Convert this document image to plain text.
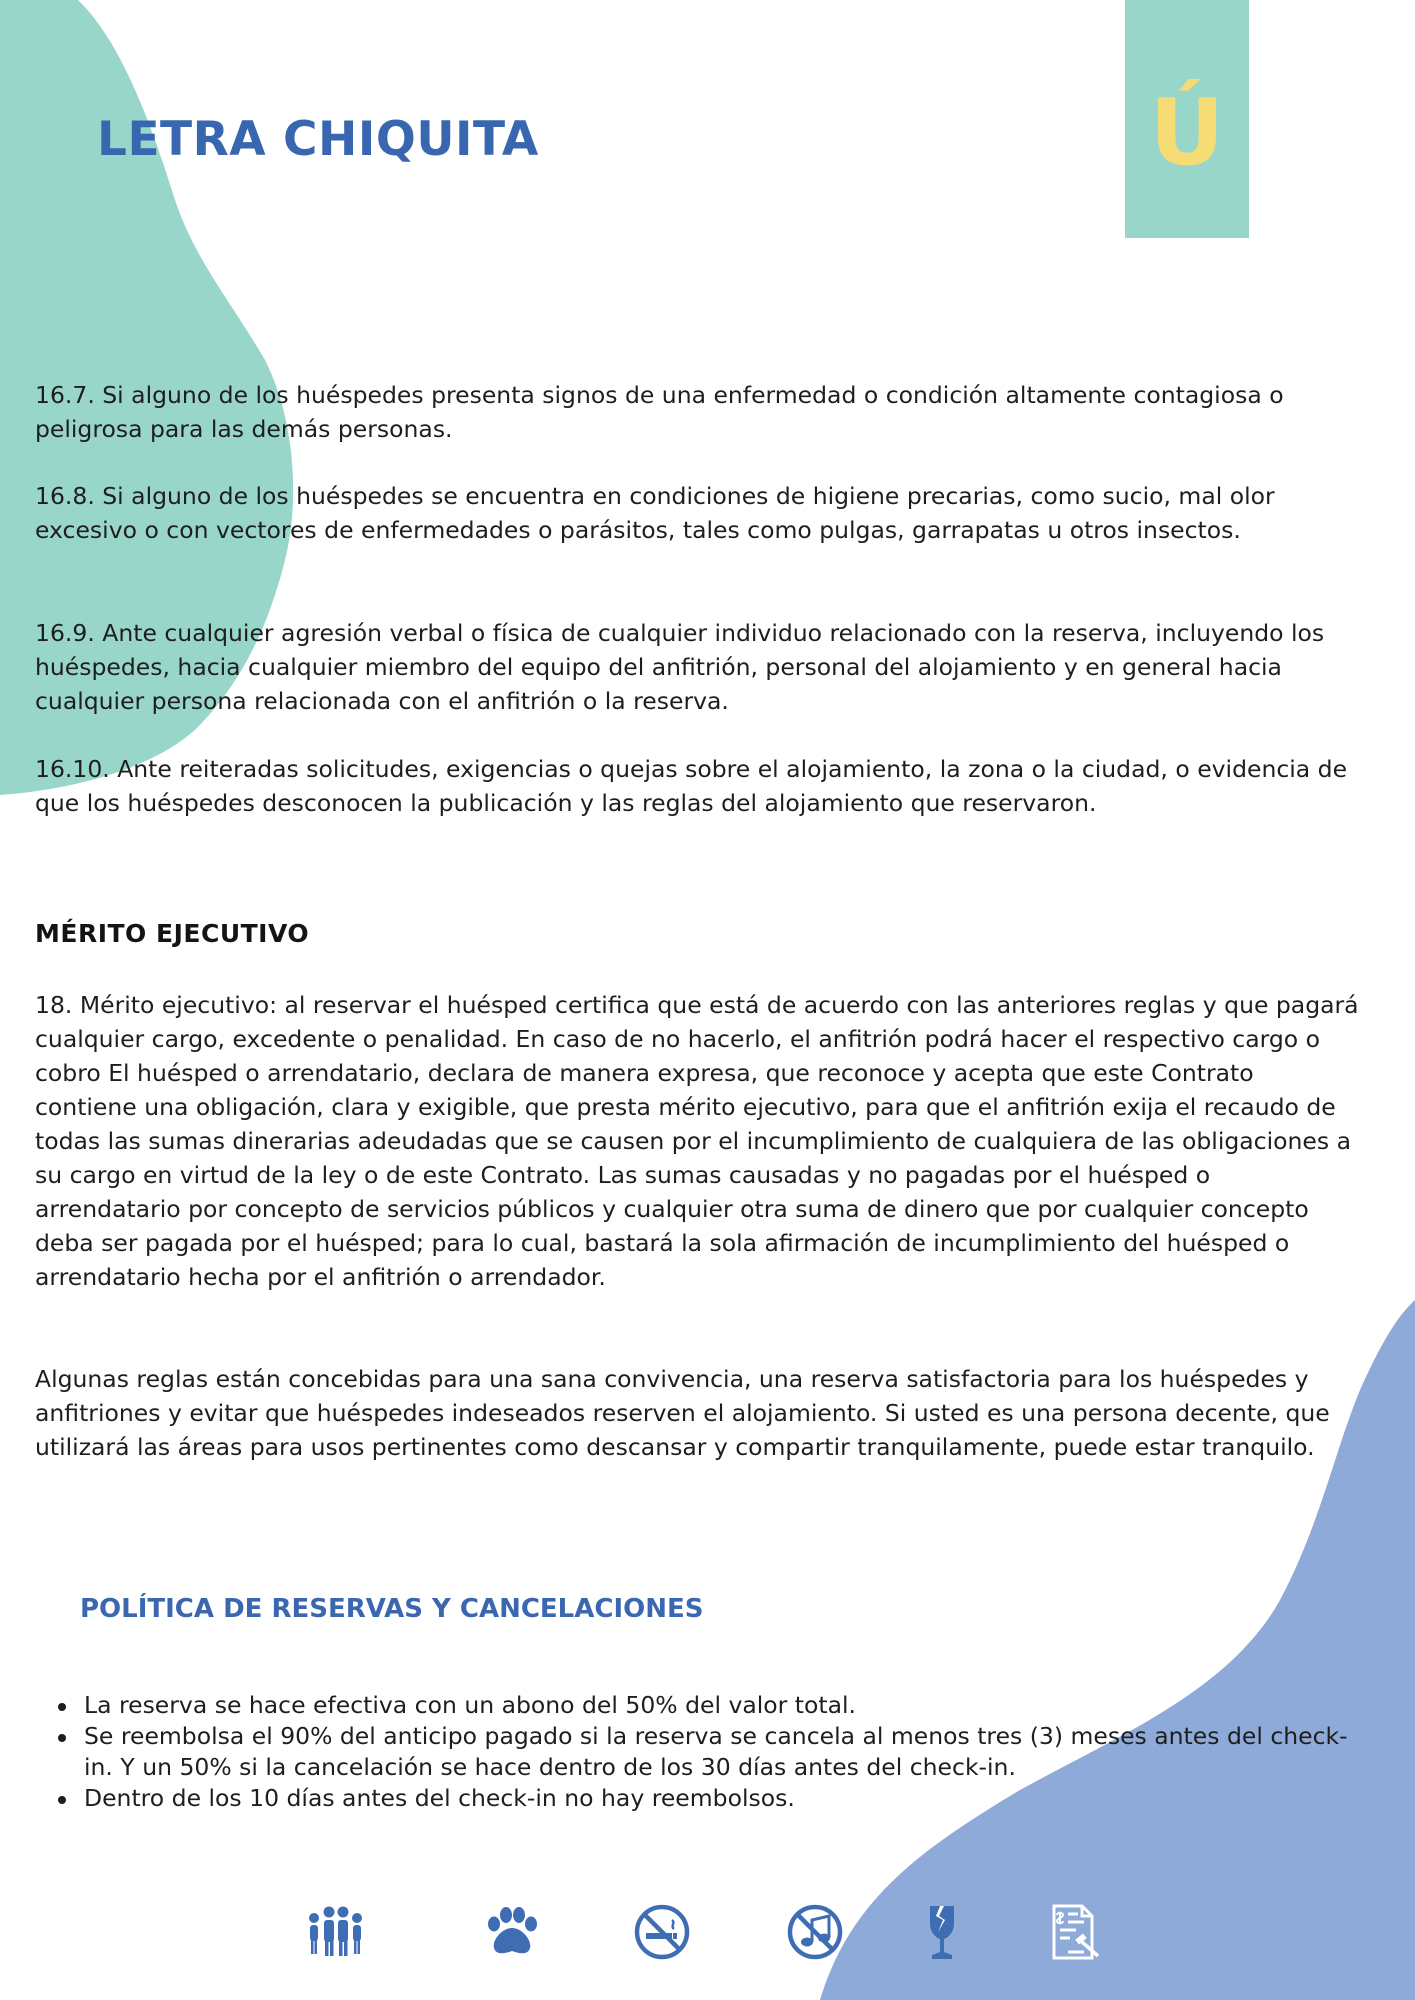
LETRA CHIQUITA	Ú

16.7. Si alguno de los huéspedes presenta signos de una enfermedad o condición altamente contagiosa o peligrosa para las demás personas.

16.8. Si alguno de los huéspedes se encuentra en condiciones de higiene precarias, como sucio, mal olor excesivo o con vectores de enfermedades o parásitos, tales como pulgas, garrapatas u otros insectos.

16.9. Ante cualquier agresión verbal o física de cualquier individuo relacionado con la reserva, incluyendo los huéspedes, hacia cualquier miembro del equipo del anfitrión, personal del alojamiento y en general hacia cualquier persona relacionada con el anfitrión o la reserva.

16.10. Ante reiteradas solicitudes, exigencias o quejas sobre el alojamiento, la zona o la ciudad, o evidencia de que los huéspedes desconocen la publicación y las reglas del alojamiento que reservaron.

MÉRITO EJECUTIVO

18. Mérito ejecutivo: al reservar el huésped certifica que está de acuerdo con las anteriores reglas y que pagará cualquier cargo, excedente o penalidad. En caso de no hacerlo, el anfitrión podrá hacer el respectivo cargo o cobro El huésped o arrendatario, declara de manera expresa, que reconoce y acepta que este Contrato contiene una obligación, clara y exigible, que presta mérito ejecutivo, para que el anfitrión exija el recaudo de todas las sumas dinerarias adeudadas que se causen por el incumplimiento de cualquiera de las obligaciones a su cargo en virtud de la ley o de este Contrato. Las sumas causadas y no pagadas por el huésped o arrendatario por concepto de servicios públicos y cualquier otra suma de dinero que por cualquier concepto deba ser pagada por el huésped; para lo cual, bastará la sola afirmación de incumplimiento del huésped o arrendatario hecha por el anfitrión o arrendador.

Algunas reglas están concebidas para una sana convivencia, una reserva satisfactoria para los huéspedes y anfitriones y evitar que huéspedes indeseados reserven el alojamiento. Si usted es una persona decente, que utilizará las áreas para usos pertinentes como descansar y compartir tranquilamente, puede estar tranquilo.

POLÍTICA DE RESERVAS Y CANCELACIONES
La reserva se hace efectiva con un abono del 50% del valor total.
Se reembolsa el 90% del anticipo pagado si la reserva se cancela al menos tres (3) meses antes del check-in. Y un 50% si la cancelación se hace dentro de los 30 días antes del check-in.
Dentro de los 10 días antes del check-in no hay reembolsos.
